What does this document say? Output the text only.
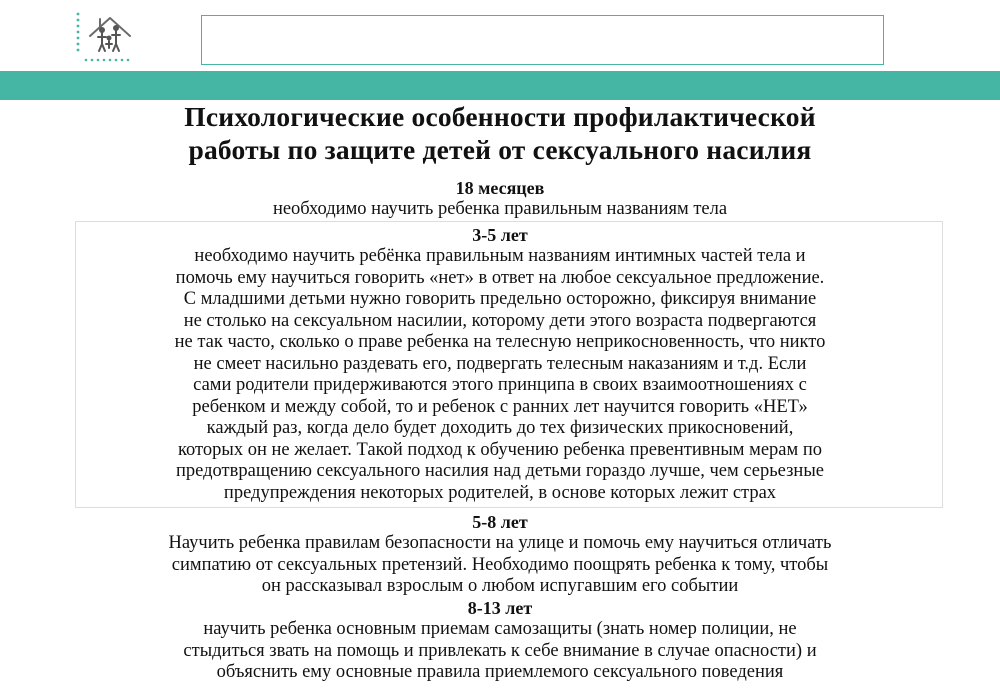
Психологические особенности профилактической
работы по защите детей от сексуального насилия
18 месяцев
необходимо научить ребенка правильным названиям тела
3-5 лет
необходимо научить ребёнка правильным названиям интимных частей тела и
помочь ему научиться говорить «нет» в ответ на любое сексуальное предложение.
С младшими детьми нужно говорить предельно осторожно, фиксируя внимание
не столько на сексуальном насилии, которому дети этого возраста подвергаются
не так часто, сколько о праве ребенка на телесную неприкосновенность, что никто
не смеет насильно раздевать его, подвергать телесным наказаниям и т.д. Если
сами родители придерживаются этого принципа в своих взаимоотношениях с
ребенком и между собой, то и ребенок с ранних лет научится говорить «НЕТ»
каждый раз, когда дело будет доходить до тех физических прикосновений,
которых он не желает. Такой подход к обучению ребенка превентивным мерам по
предотвращению сексуального насилия над детьми гораздо лучше, чем серьезные
предупреждения некоторых родителей, в основе которых лежит страх
5-8 лет
Научить ребенка правилам безопасности на улице и помочь ему научиться отличать
симпатию от сексуальных претензий. Необходимо поощрять ребенка к тому, чтобы
он рассказывал взрослым о любом испугавшим его событии
8-13 лет
научить ребенка основным приемам самозащиты (знать номер полиции, не
стыдиться звать на помощь и привлекать к себе внимание в случае опасности) и
объяснить ему основные правила приемлемого сексуального поведения
